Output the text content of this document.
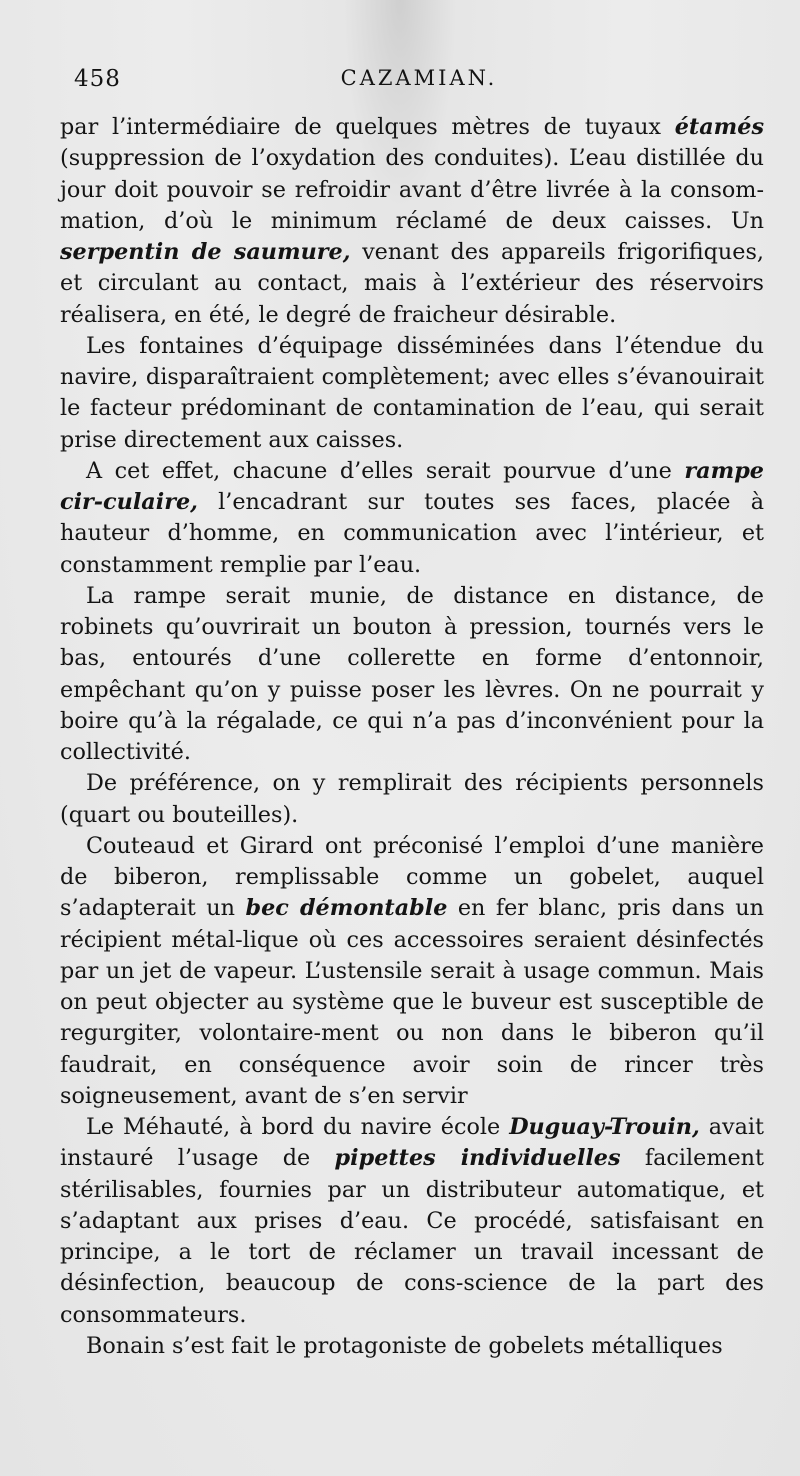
458	CAZAMIAN.

par l’intermédiaire de quelques mètres de tuyaux étamés (suppression de l’oxydation des conduites). L’eau distillée du jour doit pouvoir se refroidir avant d’être livrée à la consom-mation, d’où le minimum réclamé de deux caisses. Un serpentin de saumure, venant des appareils frigorifiques, et circulant au contact, mais à l’extérieur des réservoirs réalisera, en été, le degré de fraicheur désirable.

Les fontaines d’équipage disséminées dans l’étendue du navire, disparaîtraient complètement; avec elles s’évanouirait le facteur prédominant de contamination de l’eau, qui serait prise directement aux caisses.

A cet effet, chacune d’elles serait pourvue d’une rampe cir-culaire, l’encadrant sur toutes ses faces, placée à hauteur d’homme, en communication avec l’intérieur, et constamment remplie par l’eau.

La rampe serait munie, de distance en distance, de robinets qu’ouvrirait un bouton à pression, tournés vers le bas, entourés d’une collerette en forme d’entonnoir, empêchant qu’on y puisse poser les lèvres. On ne pourrait y boire qu’à la régalade, ce qui n’a pas d’inconvénient pour la collectivité.

De préférence, on y remplirait des récipients personnels (quart ou bouteilles).

Couteaud et Girard ont préconisé l’emploi d’une manière de biberon, remplissable comme un gobelet, auquel s’adapterait un bec démontable en fer blanc, pris dans un récipient métal-lique où ces accessoires seraient désinfectés par un jet de vapeur. L’ustensile serait à usage commun. Mais on peut objecter au système que le buveur est susceptible de regurgiter, volontaire-ment ou non dans le biberon qu’il faudrait, en conséquence avoir soin de rincer très soigneusement, avant de s’en servir

Le Méhauté, à bord du navire école Duguay-Trouin, avait instauré l’usage de pipettes individuelles facilement stérilisables, fournies par un distributeur automatique, et s’adaptant aux prises d’eau. Ce procédé, satisfaisant en principe, a le tort de réclamer un travail incessant de désinfection, beaucoup de cons-science de la part des consommateurs.

Bonain s’est fait le protagoniste de gobelets métalliques
